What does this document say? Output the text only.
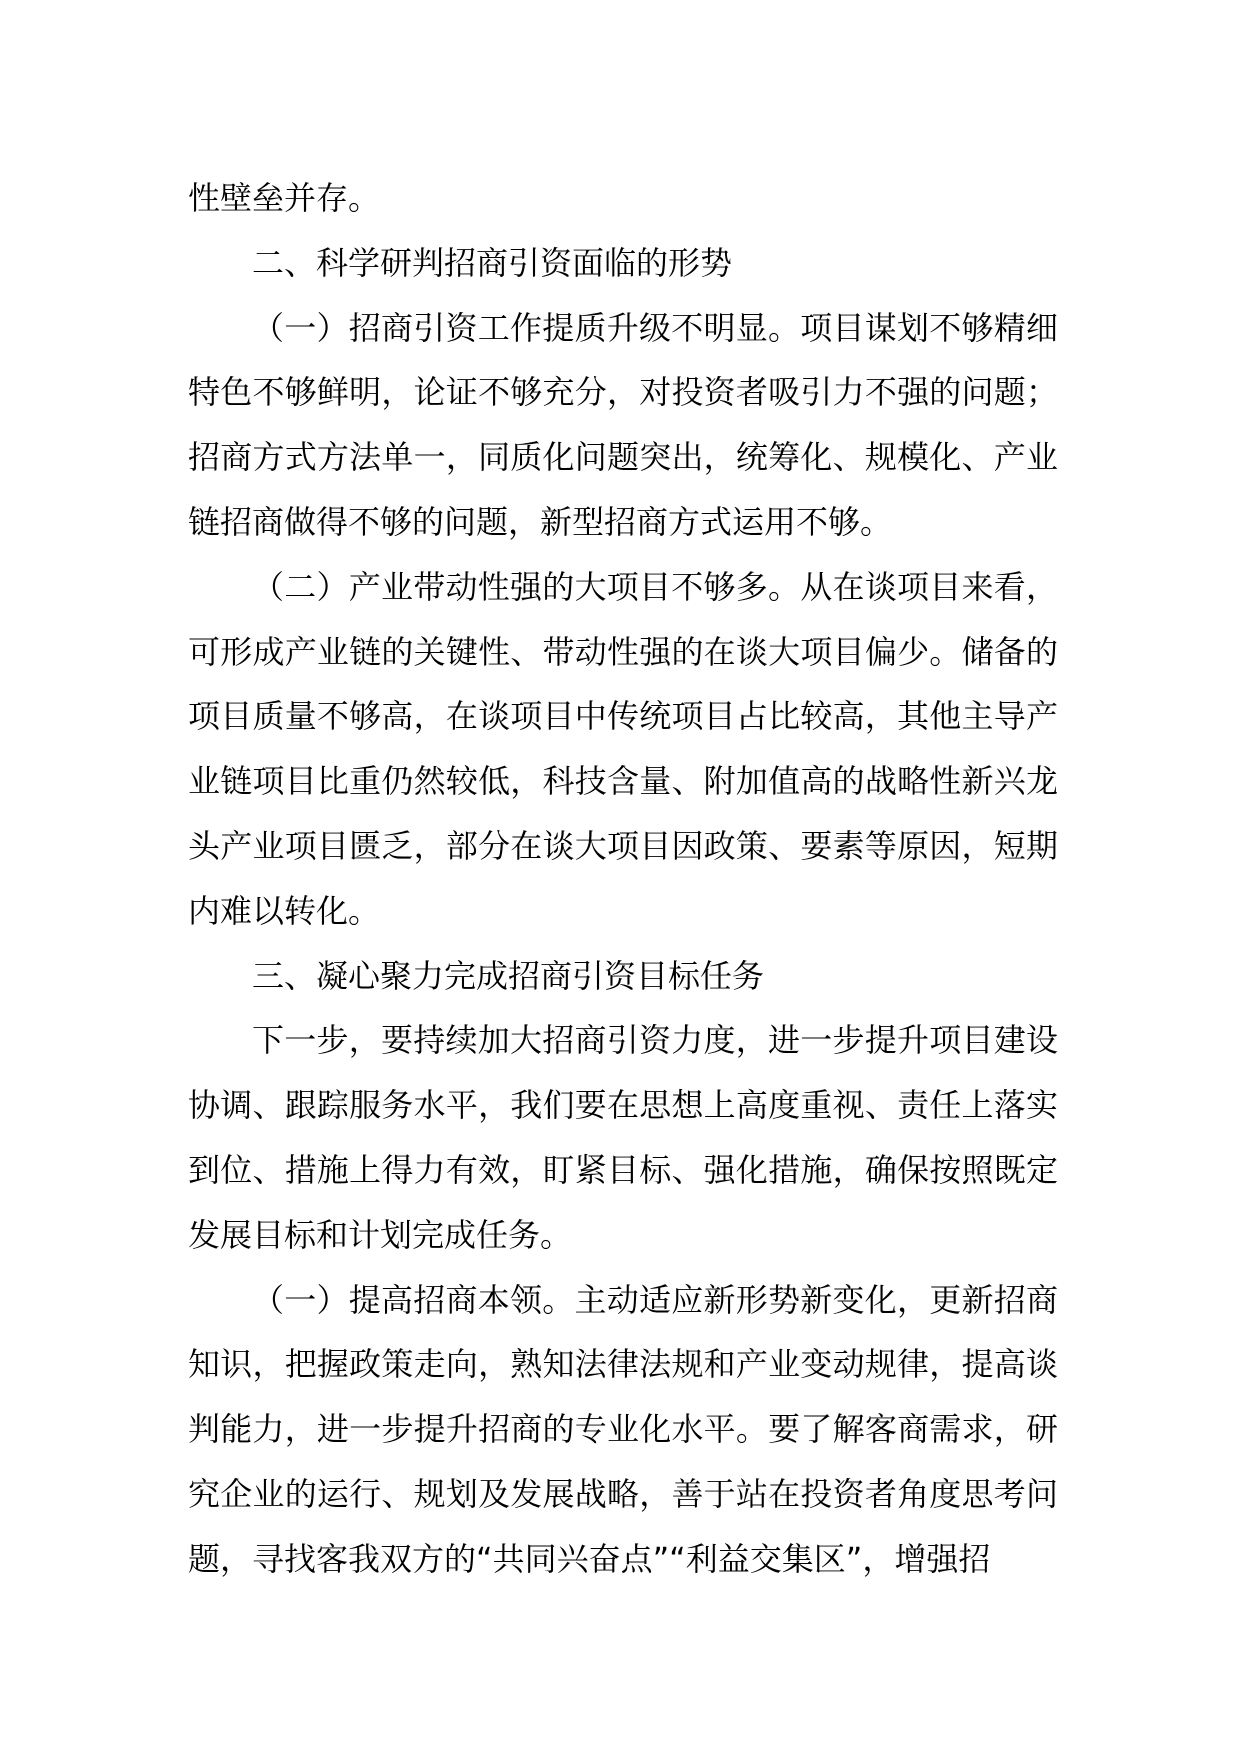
性壁垒并存。

二、科学研判招商引资面临的形势

（一）招商引资工作提质升级不明显。项目谋划不够精细特色不够鲜明，论证不够充分，对投资者吸引力不强的问题；招商方式方法单一，同质化问题突出，统筹化、规模化、产业链招商做得不够的问题，新型招商方式运用不够。

（二）产业带动性强的大项目不够多。从在谈项目来看，可形成产业链的关键性、带动性强的在谈大项目偏少。储备的项目质量不够高，在谈项目中传统项目占比较高，其他主导产业链项目比重仍然较低，科技含量、附加值高的战略性新兴龙头产业项目匮乏，部分在谈大项目因政策、要素等原因，短期内难以转化。

三、凝心聚力完成招商引资目标任务

下一步，要持续加大招商引资力度，进一步提升项目建设协调、跟踪服务水平，我们要在思想上高度重视、责任上落实到位、措施上得力有效，盯紧目标、强化措施，确保按照既定发展目标和计划完成任务。

（一）提高招商本领。主动适应新形势新变化，更新招商知识，把握政策走向，熟知法律法规和产业变动规律，提高谈判能力，进一步提升招商的专业化水平。要了解客商需求，研究企业的运行、规划及发展战略，善于站在投资者角度思考问题，寻找客我双方的“共同兴奋点”“利益交集区”，增强招
